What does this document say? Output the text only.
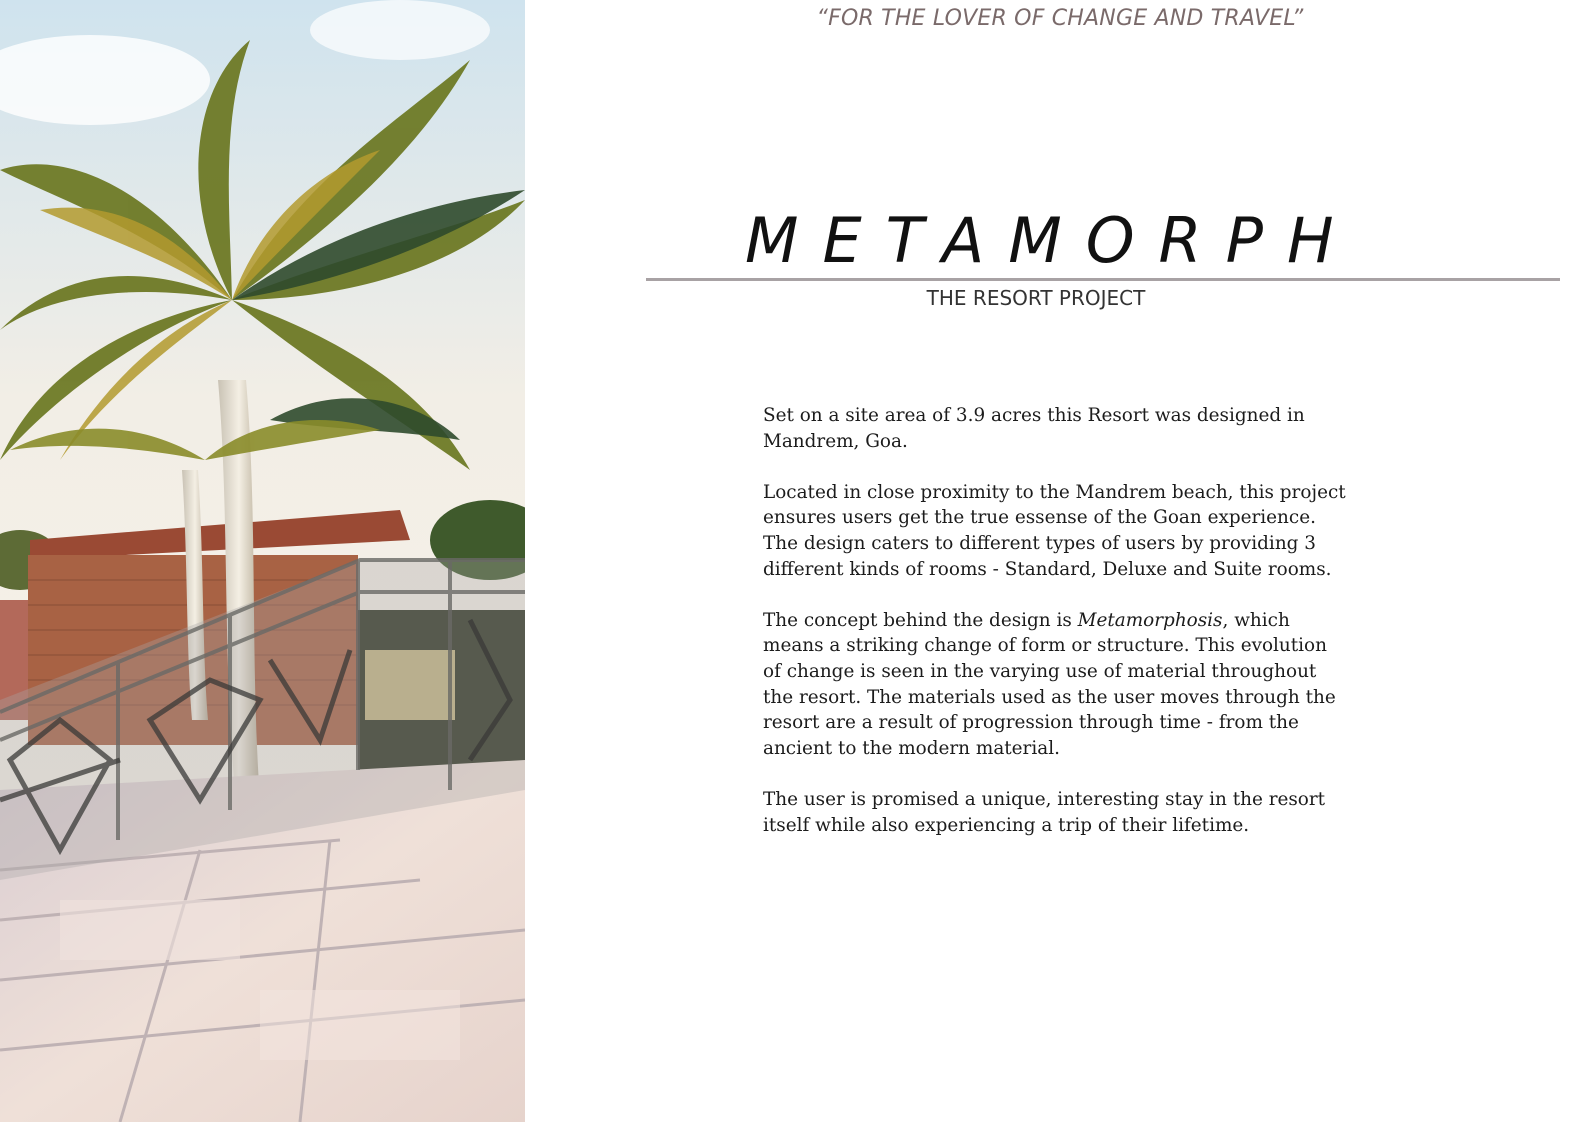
“FOR THE LOVER OF CHANGE AND TRAVEL”
METAMORPH
THE RESORT PROJECT

Set on a site area of 3.9 acres this Resort was designed in
Mandrem, Goa.

Located in close proximity to the Mandrem beach, this project
ensures users get the true essense of the Goan experience.
The design caters to different types of users by providing 3
different kinds of rooms - Standard, Deluxe and Suite rooms.

The concept behind the design is Metamorphosis, which
means a striking change of form or structure. This evolution
of change is seen in the varying use of material throughout
the resort. The materials used as the user moves through the
resort are a result of progression through time - from the
ancient to the modern material.

The user is promised a unique, interesting stay in the resort
itself while also experiencing a trip of their lifetime.
